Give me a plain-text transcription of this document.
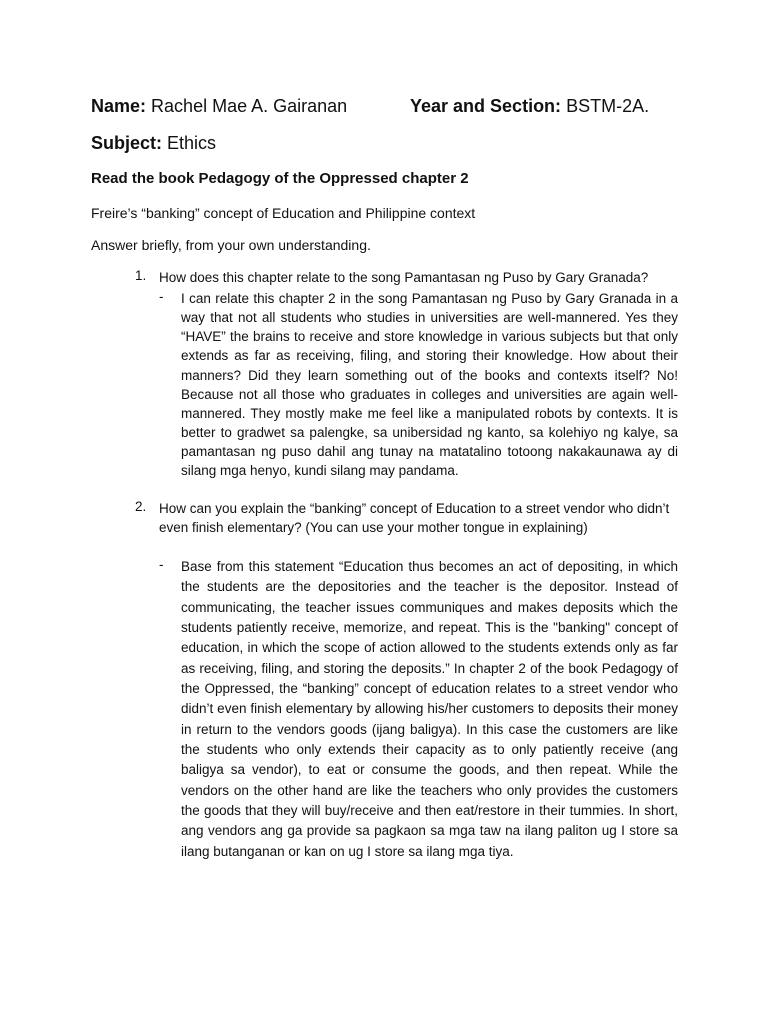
Name: Rachel Mae A. Gairanan	Year and Section: BSTM-2A.
Subject: Ethics
Read the book Pedagogy of the Oppressed chapter 2
Freire’s “banking” concept of Education and Philippine context
Answer briefly, from your own understanding.
1. How does this chapter relate to the song Pamantasan ng Puso by Gary Granada?
- I can relate this chapter 2 in the song Pamantasan ng Puso by Gary Granada in a way that not all students who studies in universities are well-mannered. Yes they “HAVE” the brains to receive and store knowledge in various subjects but that only extends as far as receiving, filing, and storing their knowledge. How about their manners? Did they learn something out of the books and contexts itself? No! Because not all those who graduates in colleges and universities are again well-mannered. They mostly make me feel like a manipulated robots by contexts. It is better to gradwet sa palengke, sa unibersidad ng kanto, sa kolehiyo ng kalye, sa pamantasan ng puso dahil ang tunay na matatalino totoong nakakaunawa ay di silang mga henyo, kundi silang may pandama.
2. How can you explain the “banking” concept of Education to a street vendor who didn’t even finish elementary? (You can use your mother tongue in explaining)
- Base from this statement “Education thus becomes an act of depositing, in which the students are the depositories and the teacher is the depositor. Instead of communicating, the teacher issues communiques and makes deposits which the students patiently receive, memorize, and repeat. This is the "banking" concept of education, in which the scope of action allowed to the students extends only as far as receiving, filing, and storing the deposits.” In chapter 2 of the book Pedagogy of the Oppressed, the “banking” concept of education relates to a street vendor who didn’t even finish elementary by allowing his/her customers to deposits their money in return to the vendors goods (ijang baligya). In this case the customers are like the students who only extends their capacity as to only patiently receive (ang baligya sa vendor), to eat or consume the goods, and then repeat. While the vendors on the other hand are like the teachers who only provides the customers the goods that they will buy/receive and then eat/restore in their tummies. In short, ang vendors ang ga provide sa pagkaon sa mga taw na ilang paliton ug I store sa ilang butanganan or kan on ug I store sa ilang mga tiya.
